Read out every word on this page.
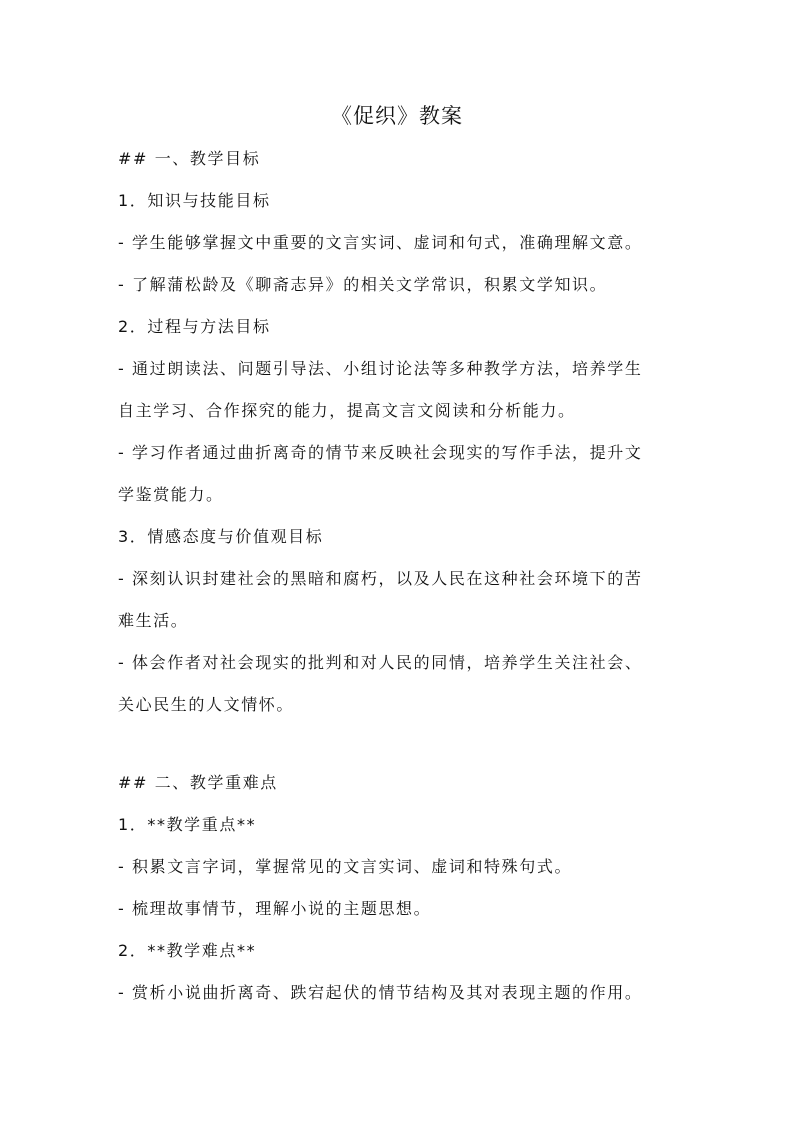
《促织》教案
## 一、教学目标
1．知识与技能目标
- 学生能够掌握文中重要的文言实词、虚词和句式，准确理解文意。
- 了解蒲松龄及《聊斋志异》的相关文学常识，积累文学知识。
2．过程与方法目标
- 通过朗读法、问题引导法、小组讨论法等多种教学方法，培养学生
自主学习、合作探究的能力，提高文言文阅读和分析能力。
- 学习作者通过曲折离奇的情节来反映社会现实的写作手法，提升文
学鉴赏能力。
3．情感态度与价值观目标
- 深刻认识封建社会的黑暗和腐朽，以及人民在这种社会环境下的苦
难生活。
- 体会作者对社会现实的批判和对人民的同情，培养学生关注社会、
关心民生的人文情怀。
## 二、教学重难点
1．**教学重点**
- 积累文言字词，掌握常见的文言实词、虚词和特殊句式。
- 梳理故事情节，理解小说的主题思想。
2．**教学难点**
- 赏析小说曲折离奇、跌宕起伏的情节结构及其对表现主题的作用。
